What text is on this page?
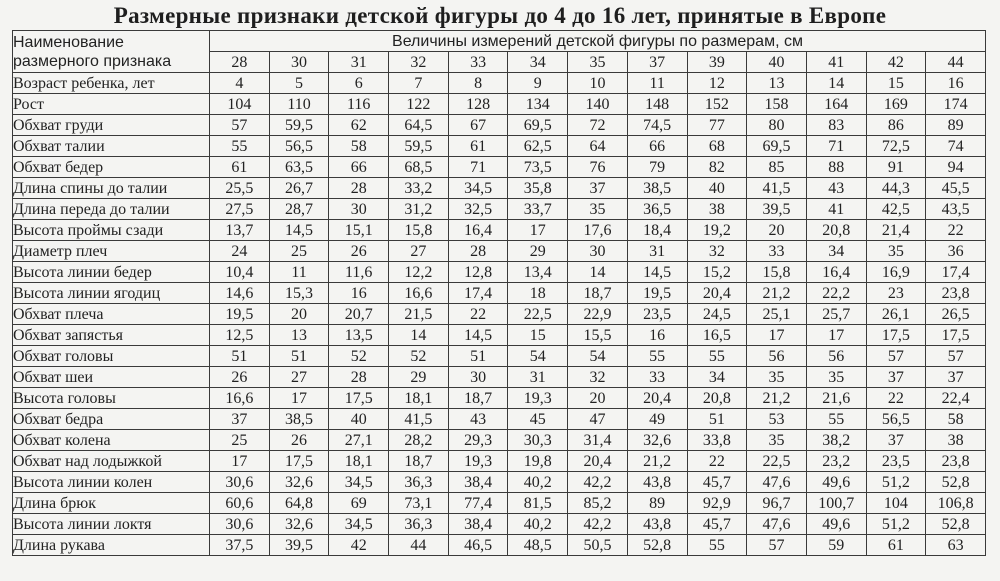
Размерные признаки детской фигуры до 4 до 16 лет, принятые в Европе
Наименование
размерного признака	Величины измерений детской фигуры по размерам, см												
	28	30	31	32	33	34	35	37	39	40	41	42	44
Возраст ребенка, лет	4	5	6	7	8	9	10	11	12	13	14	15	16
Рост	104	110	116	122	128	134	140	148	152	158	164	169	174
Обхват груди	57	59,5	62	64,5	67	69,5	72	74,5	77	80	83	86	89
Обхват талии	55	56,5	58	59,5	61	62,5	64	66	68	69,5	71	72,5	74
Обхват бедер	61	63,5	66	68,5	71	73,5	76	79	82	85	88	91	94
Длина спины до талии	25,5	26,7	28	33,2	34,5	35,8	37	38,5	40	41,5	43	44,3	45,5
Длина переда до талии	27,5	28,7	30	31,2	32,5	33,7	35	36,5	38	39,5	41	42,5	43,5
Высота проймы сзади	13,7	14,5	15,1	15,8	16,4	17	17,6	18,4	19,2	20	20,8	21,4	22
Диаметр плеч	24	25	26	27	28	29	30	31	32	33	34	35	36
Высота линии бедер	10,4	11	11,6	12,2	12,8	13,4	14	14,5	15,2	15,8	16,4	16,9	17,4
Высота линии ягодиц	14,6	15,3	16	16,6	17,4	18	18,7	19,5	20,4	21,2	22,2	23	23,8
Обхват плеча	19,5	20	20,7	21,5	22	22,5	22,9	23,5	24,5	25,1	25,7	26,1	26,5
Обхват запястья	12,5	13	13,5	14	14,5	15	15,5	16	16,5	17	17	17,5	17,5
Обхват головы	51	51	52	52	51	54	54	55	55	56	56	57	57
Обхват шеи	26	27	28	29	30	31	32	33	34	35	35	37	37
Высота головы	16,6	17	17,5	18,1	18,7	19,3	20	20,4	20,8	21,2	21,6	22	22,4
Обхват бедра	37	38,5	40	41,5	43	45	47	49	51	53	55	56,5	58
Обхват колена	25	26	27,1	28,2	29,3	30,3	31,4	32,6	33,8	35	38,2	37	38
Обхват над лодыжкой	17	17,5	18,1	18,7	19,3	19,8	20,4	21,2	22	22,5	23,2	23,5	23,8
Высота линии колен	30,6	32,6	34,5	36,3	38,4	40,2	42,2	43,8	45,7	47,6	49,6	51,2	52,8
Длина брюк	60,6	64,8	69	73,1	77,4	81,5	85,2	89	92,9	96,7	100,7	104	106,8
Высота линии локтя	30,6	32,6	34,5	36,3	38,4	40,2	42,2	43,8	45,7	47,6	49,6	51,2	52,8
Длина рукава	37,5	39,5	42	44	46,5	48,5	50,5	52,8	55	57	59	61	63
